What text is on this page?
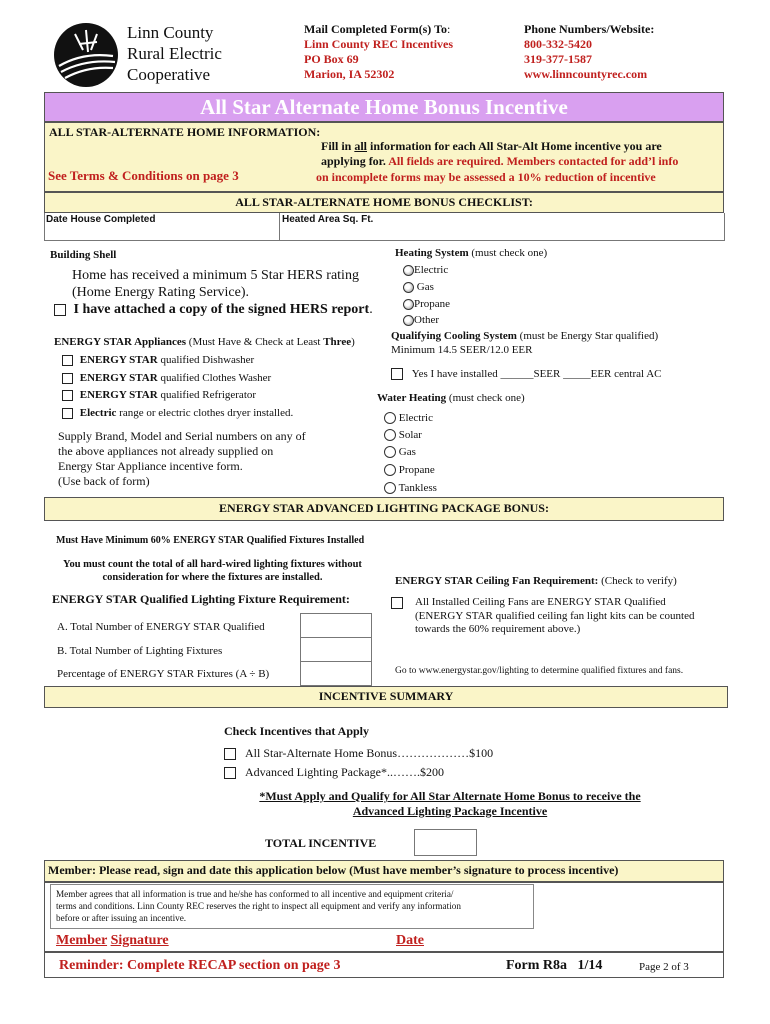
Linn County
Rural Electric
Cooperative
Mail Completed Form(s) To:
Linn County REC Incentives
PO Box 69
Marion, IA 52302
Phone Numbers/Website:
800-332-5420
319-377-1587
www.linncountyrec.com
All Star Alternate Home Bonus Incentive
ALL STAR-ALTERNATE HOME INFORMATION:
Fill in all information for each All Star-Alt Home incentive you are
applying for. All fields are required. Members contacted for add’l info
on incomplete forms may be assessed a 10% reduction of incentive
See Terms & Conditions on page 3
ALL STAR-ALTERNATE HOME BONUS CHECKLIST:
Date House Completed	Heated Area Sq. Ft.
Building Shell
Home has received a minimum 5 Star HERS rating
(Home Energy Rating Service).
I have attached a copy of the signed HERS report.
ENERGY STAR Appliances (Must Have & Check at Least Three)
ENERGY STAR qualified Dishwasher
ENERGY STAR qualified Clothes Washer
ENERGY STAR qualified Refrigerator
Electric range or electric clothes dryer installed.
Supply Brand, Model and Serial numbers on any of
the above appliances not already supplied on
Energy Star Appliance incentive form.
(Use back of form)
Heating System (must check one)
Electric
Gas
Propane
Other
Qualifying Cooling System (must be Energy Star qualified)
Minimum 14.5 SEER/12.0 EER
Yes I have installed ______SEER _____EER central AC
Water Heating (must check one)
Electric
Solar
Gas
Propane
Tankless
ENERGY STAR ADVANCED LIGHTING PACKAGE BONUS:
Must Have Minimum 60% ENERGY STAR Qualified Fixtures Installed
You must count the total of all hard-wired lighting fixtures without
consideration for where the fixtures are installed.
ENERGY STAR Qualified Lighting Fixture Requirement:
A. Total Number of ENERGY STAR Qualified
B. Total Number of Lighting Fixtures
Percentage of ENERGY STAR Fixtures (A ÷ B)
ENERGY STAR Ceiling Fan Requirement: (Check to verify)
All Installed Ceiling Fans are ENERGY STAR Qualified
(ENERGY STAR qualified ceiling fan light kits can be counted
towards the 60% requirement above.)
Go to www.energystar.gov/lighting to determine qualified fixtures and fans.
INCENTIVE SUMMARY
Check Incentives that Apply
All Star-Alternate Home Bonus………………$100
Advanced Lighting Package*..…….$200
*Must Apply and Qualify for All Star Alternate Home Bonus to receive the
Advanced Lighting Package Incentive
TOTAL INCENTIVE
Member: Please read, sign and date this application below (Must have member’s signature to process incentive)
Member agrees that all information is true and he/she has conformed to all incentive and equipment criteria/
terms and conditions. Linn County REC reserves the right to inspect all equipment and verify any information
before or after issuing an incentive.
Member Signature	Date
Reminder: Complete RECAP section on page 3	Form R8a   1/14	Page 2 of 3
